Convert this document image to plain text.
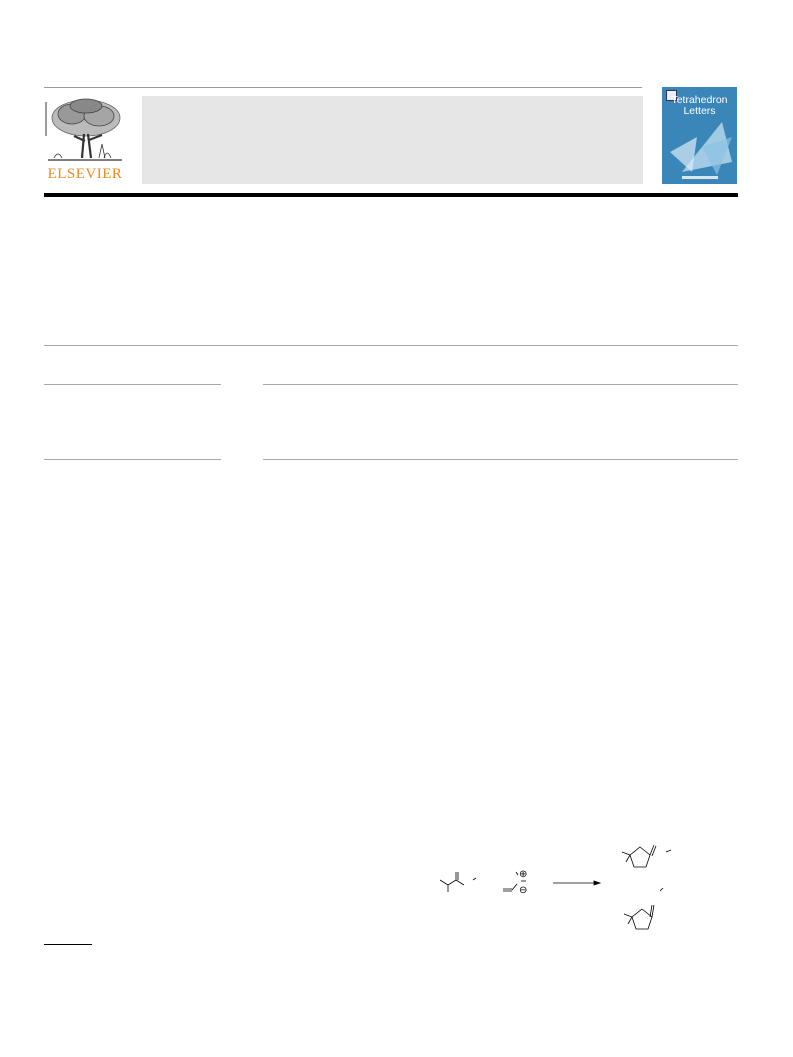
ELSEVIER
Tetrahedron
Letters
⊕
⊖
